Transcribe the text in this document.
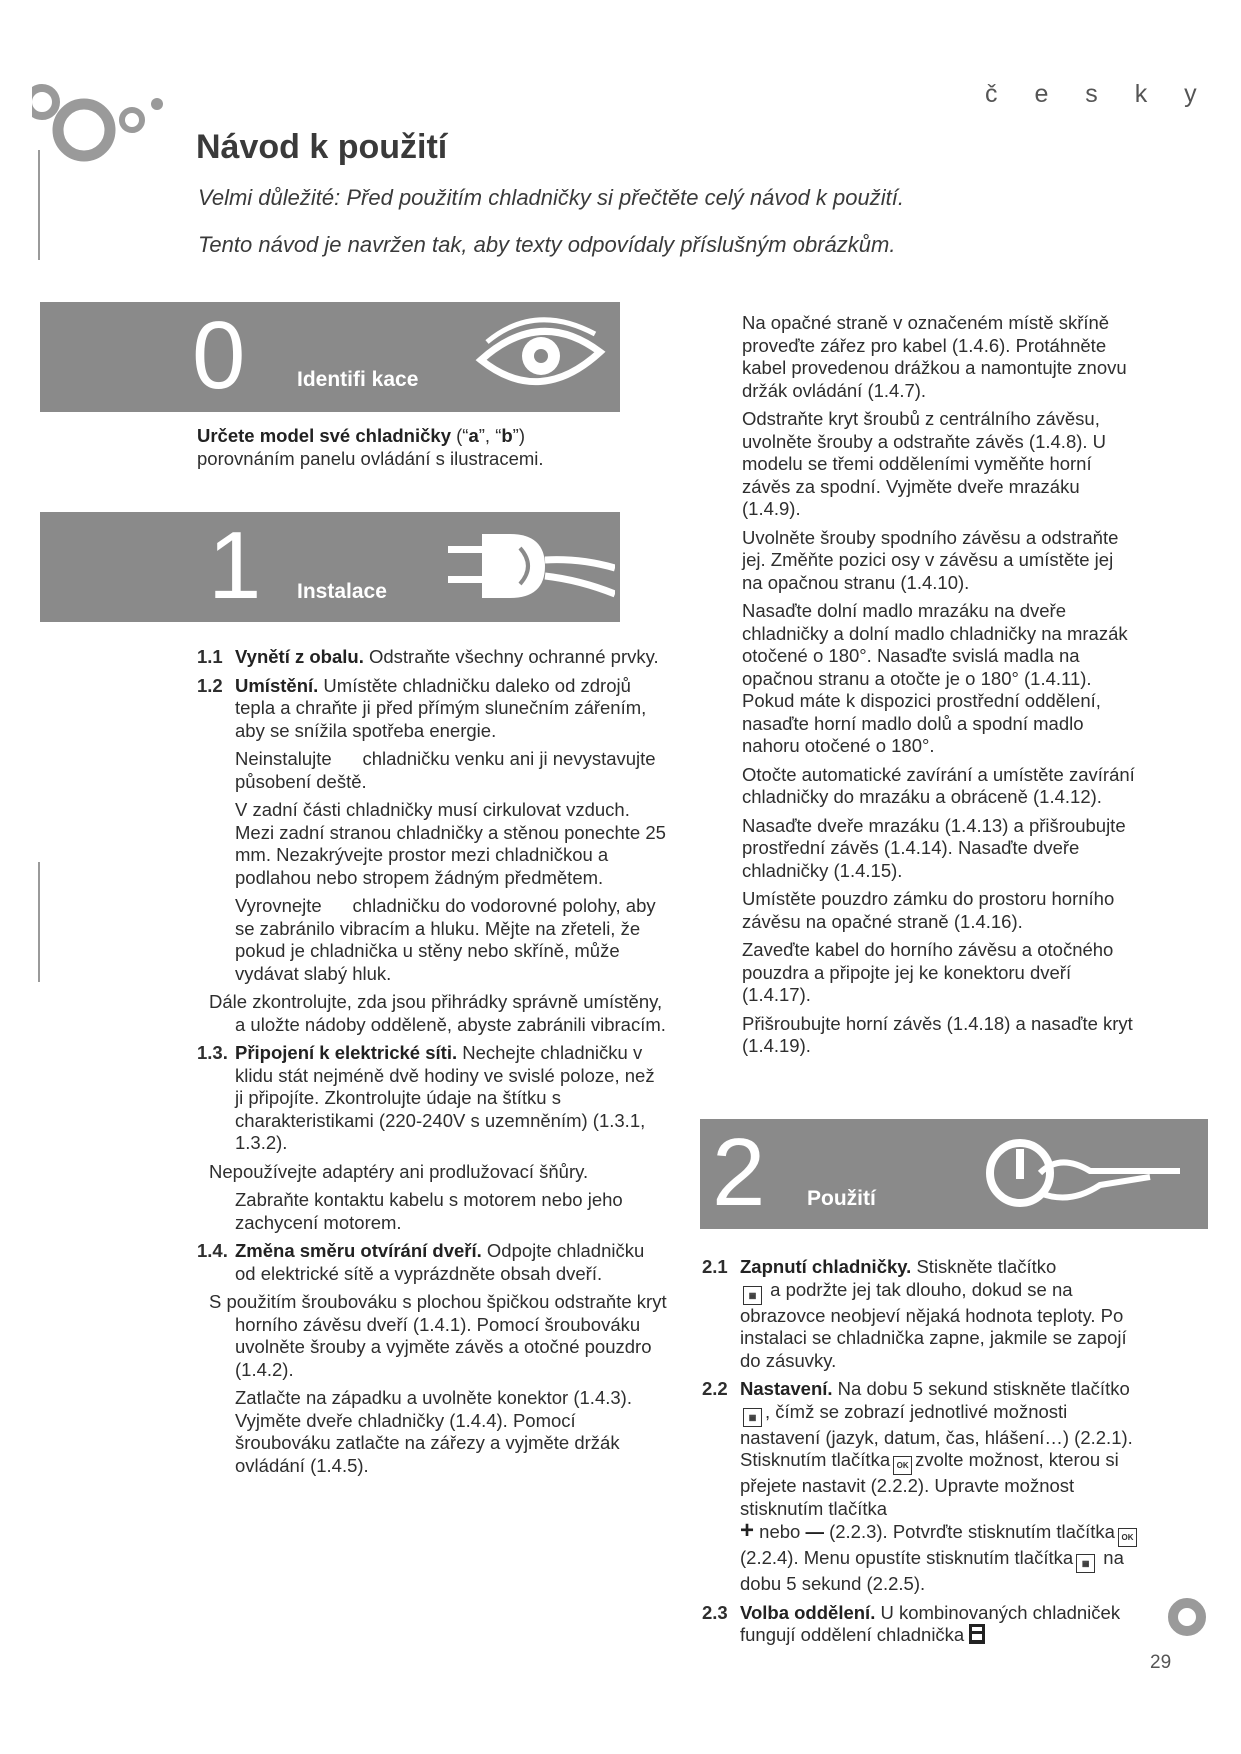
č e s k y
Návod k použití
Velmi důležité: Před použitím chladničky si přečtěte celý návod k použití.
Tento návod je navržen tak, aby texty odpovídaly příslušným obrázkům.
0 Identifi kace
Určete model své chladničky (“a”, “b”)
porovnáním panelu ovládání s ilustracemi.
1 Instalace
1.1 Vynětí z obalu. Odstraňte všechny ochranné prvky.
1.2 Umístění. Umístěte chladničku daleko od zdrojů tepla a chraňte ji před přímým slunečním zářením, aby se snížila spotřeba energie.

Neinstalujte      chladničku venku ani ji nevystavujte působení deště.

V zadní části chladničky musí cirkulovat vzduch. Mezi zadní stranou chladničky a stěnou ponechte 25 mm. Nezakrývejte prostor mezi chladničkou a podlahou nebo stropem žádným předmětem.

Vyrovnejte      chladničku do vodorovné polohy, aby se zabránilo vibracím a hluku. Mějte na zřeteli, že pokud je chladnička u stěny nebo skříně, může vydávat slabý hluk.

Dále zkontrolujte, zda jsou přihrádky správně umístěny, a uložte nádoby odděleně, abyste zabránili vibracím.

1.3. Připojení k elektrické síti. Nechejte chladničku v klidu stát nejméně dvě hodiny ve svislé poloze, než ji připojíte. Zkontrolujte údaje na štítku s charakteristikami (220-240V s uzemněním) (1.3.1, 1.3.2).

Nepoužívejte adaptéry ani prodlužovací šňůry.

Zabraňte kontaktu kabelu s motorem nebo jeho zachycení motorem.

1.4. Změna směru otvírání dveří. Odpojte chladničku od elektrické sítě a vyprázdněte obsah dveří.

S použitím šroubováku s plochou špičkou odstraňte kryt horního závěsu dveří (1.4.1). Pomocí šroubováku uvolněte šrouby a vyjměte závěs a otočné pouzdro (1.4.2).

Zatlačte na západku a uvolněte konektor (1.4.3). Vyjměte dveře chladničky (1.4.4). Pomocí šroubováku zatlačte na zářezy a vyjměte držák ovládání (1.4.5).

Na opačné straně v označeném místě skříně proveďte zářez pro kabel (1.4.6). Protáhněte kabel provedenou drážkou a namontujte znovu držák ovládání (1.4.7).

Odstraňte kryt šroubů z centrálního závěsu, uvolněte šrouby a odstraňte závěs (1.4.8). U modelu se třemi odděleními vyměňte horní závěs za spodní. Vyjměte dveře mrazáku (1.4.9).

Uvolněte šrouby spodního závěsu a odstraňte jej. Změňte pozici osy v závěsu a umístěte jej na opačnou stranu (1.4.10).

Nasaďte dolní madlo mrazáku na dveře chladničky a dolní madlo chladničky na mrazák otočené o 180°. Nasaďte svislá madla na opačnou stranu a otočte je o 180° (1.4.11). Pokud máte k dispozici prostřední oddělení, nasaďte horní madlo dolů a spodní madlo nahoru otočené o 180°.

Otočte automatické zavírání a umístěte zavírání chladničky do mrazáku a obráceně (1.4.12).

Nasaďte dveře mrazáku (1.4.13) a přišroubujte prostřední závěs (1.4.14). Nasaďte dveře chladničky (1.4.15).

Umístěte pouzdro zámku do prostoru horního závěsu na opačné straně (1.4.16).

Zaveďte kabel do horního závěsu a otočného pouzdra a připojte jej ke konektoru dveří (1.4.17).

Přišroubujte horní závěs (1.4.18) a nasaďte kryt (1.4.19).

2 Použití
2.1 Zapnutí chladničky. Stiskněte tlačítko
▦ a podržte jej tak dlouho, dokud se na obrazovce neobjeví nějaká hodnota teploty. Po instalaci se chladnička zapne, jakmile se zapojí do zásuvky.
2.2 Nastavení. Na dobu 5 sekund stiskněte tlačítko▦ , čímž se zobrazí jednotlivé možnosti nastavení (jazyk, datum, čas, hlášení…) (2.2.1). Stisknutím tlačítka OK zvolte možnost, kterou si přejete nastavit (2.2.2). Upravte možnost stisknutím tlačítka
+ nebo — (2.2.3). Potvrďte stisknutím tlačítka OK(2.2.4). Menu opustíte stisknutím tlačítka ▦ na dobu 5 sekund (2.2.5).
2.3 Volba oddělení. U kombinovaných chladniček fungují oddělení chladnička
29
